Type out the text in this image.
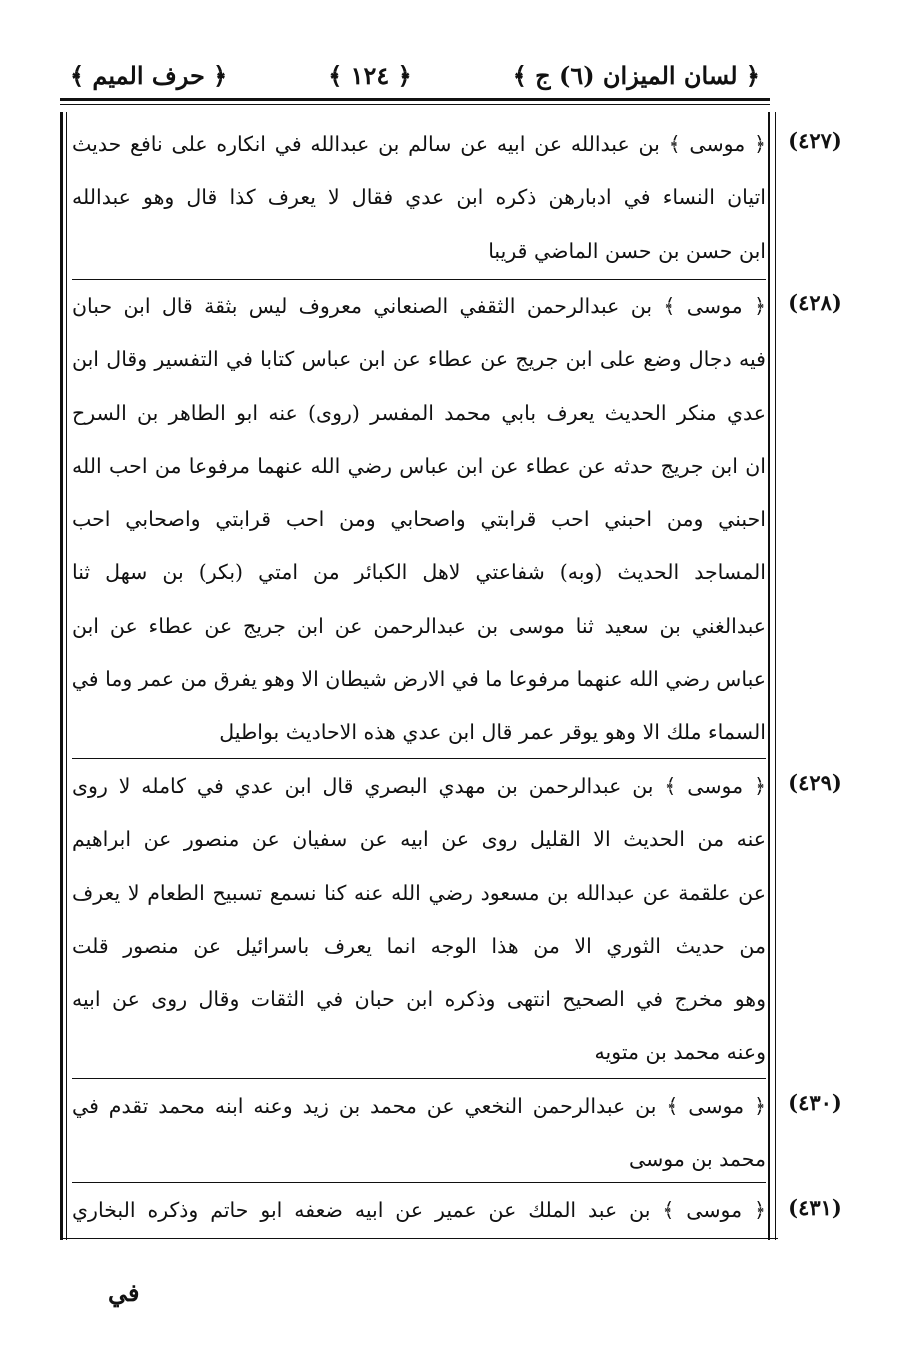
﴿ لسان الميزان (٦) ج ﴾
﴿ ١٢٤ ﴾
﴿ حرف الميم ﴾
(٤٢٧)
﴿ موسى ﴾ بن عبدالله عن ابيه عن سالم بن عبدالله في انكاره على نافع حديث
اتيان النساء في ادبارهن ذكره ابن عدي فقال لا يعرف كذا قال وهو عبدالله
ابن حسن بن حسن الماضي قريبا
(٤٢٨)
﴿ موسى ﴾ بن عبدالرحمن الثقفي الصنعاني معروف ليس بثقة قال ابن حبان
فيه دجال وضع على ابن جريج عن عطاء عن ابن عباس كتابا في التفسير وقال ابن
عدي منكر الحديث يعرف بابي محمد المفسر (روى) عنه ابو الطاهر بن السرح
ان ابن جريج حدثه عن عطاء عن ابن عباس رضي الله عنهما مرفوعا من احب الله
احبني ومن احبني احب قرابتي واصحابي ومن احب قرابتي واصحابي احب
المساجد الحديث (وبه) شفاعتي لاهل الكبائر من امتي (بكر) بن سهل ثنا
عبدالغني بن سعيد ثنا موسى بن عبدالرحمن عن ابن جريج عن عطاء عن ابن
عباس رضي الله عنهما مرفوعا ما في الارض شيطان الا وهو يفرق من عمر وما في
السماء ملك الا وهو يوقر عمر قال ابن عدي هذه الاحاديث بواطيل
(٤٢٩)
﴿ موسى ﴾ بن عبدالرحمن بن مهدي البصري قال ابن عدي في كامله لا روى
عنه من الحديث الا القليل روى عن ابيه عن سفيان عن منصور عن ابراهيم
عن علقمة عن عبدالله بن مسعود رضي الله عنه كنا نسمع تسبيح الطعام لا يعرف
من حديث الثوري الا من هذا الوجه انما يعرف باسرائيل عن منصور قلت
وهو مخرج في الصحيح انتهى وذكره ابن حبان في الثقات وقال روى عن ابيه
وعنه محمد بن متويه
(٤٣٠)
﴿ موسى ﴾ بن عبدالرحمن النخعي عن محمد بن زيد وعنه ابنه محمد تقدم في
محمد بن موسى
(٤٣١)
﴿ موسى ﴾ بن عبد الملك عن عمير عن ابيه ضعفه ابو حاتم وذكره البخاري
في
